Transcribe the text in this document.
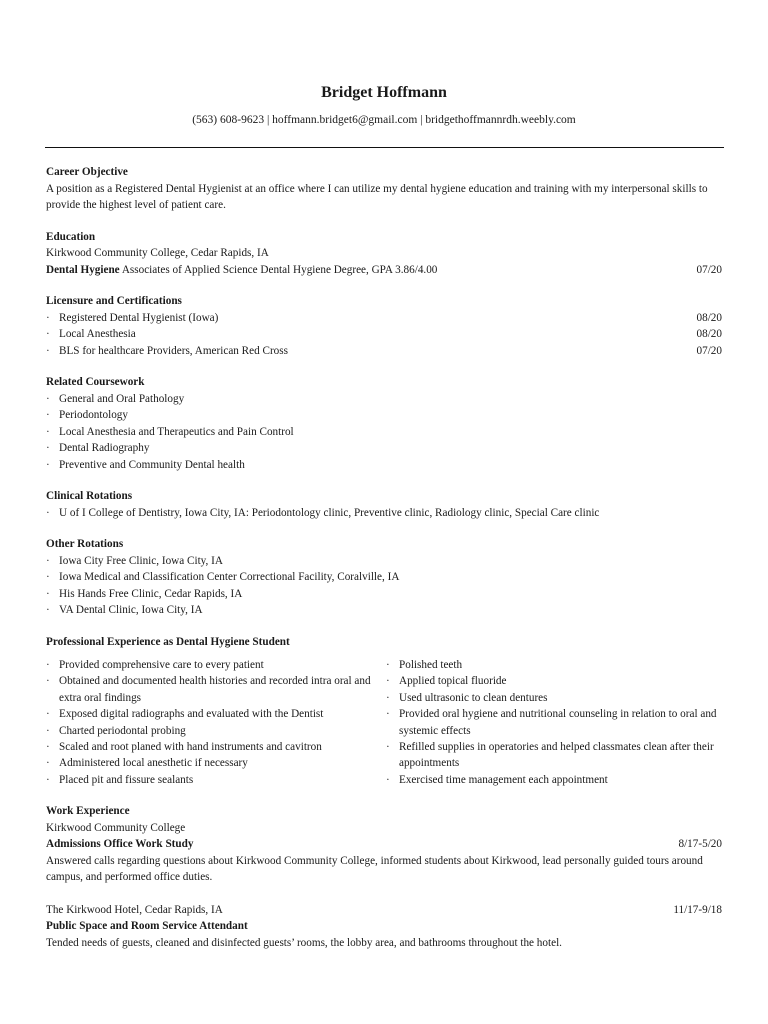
Bridget Hoffmann
(563) 608-9623 | hoffmann.bridget6@gmail.com | bridgethoffmannrdh.weebly.com
Career Objective
A position as a Registered Dental Hygienist at an office where I can utilize my dental hygiene education and training with my interpersonal skills to provide the highest level of patient care.
Education
Kirkwood Community College, Cedar Rapids, IA
Dental Hygiene Associates of Applied Science Dental Hygiene Degree, GPA 3.86/4.00	07/20
Licensure and Certifications
· Registered Dental Hygienist (Iowa)	08/20
· Local Anesthesia	08/20
· BLS for healthcare Providers, American Red Cross	07/20
Related Coursework
· General and Oral Pathology
· Periodontology
· Local Anesthesia and Therapeutics and Pain Control
· Dental Radiography
· Preventive and Community Dental health
Clinical Rotations
· U of I College of Dentistry, Iowa City, IA: Periodontology clinic, Preventive clinic, Radiology clinic, Special Care clinic
Other Rotations
· Iowa City Free Clinic, Iowa City, IA
· Iowa Medical and Classification Center Correctional Facility, Coralville, IA
· His Hands Free Clinic, Cedar Rapids, IA
· VA Dental Clinic, Iowa City, IA
Professional Experience as Dental Hygiene Student
· Provided comprehensive care to every patient
· Obtained and documented health histories and recorded intra oral and extra oral findings
· Exposed digital radiographs and evaluated with the Dentist
· Charted periodontal probing
· Scaled and root planed with hand instruments and cavitron
· Administered local anesthetic if necessary
· Placed pit and fissure sealants
· Polished teeth
· Applied topical fluoride
· Used ultrasonic to clean dentures
· Provided oral hygiene and nutritional counseling in relation to oral and systemic effects
· Refilled supplies in operatories and helped classmates clean after their appointments
· Exercised time management each appointment
Work Experience
Kirkwood Community College
Admissions Office Work Study	8/17-5/20
Answered calls regarding questions about Kirkwood Community College, informed students about Kirkwood, lead personally guided tours around campus, and performed office duties.
The Kirkwood Hotel, Cedar Rapids, IA	11/17-9/18
Public Space and Room Service Attendant
Tended needs of guests, cleaned and disinfected guests’ rooms, the lobby area, and bathrooms throughout the hotel.
